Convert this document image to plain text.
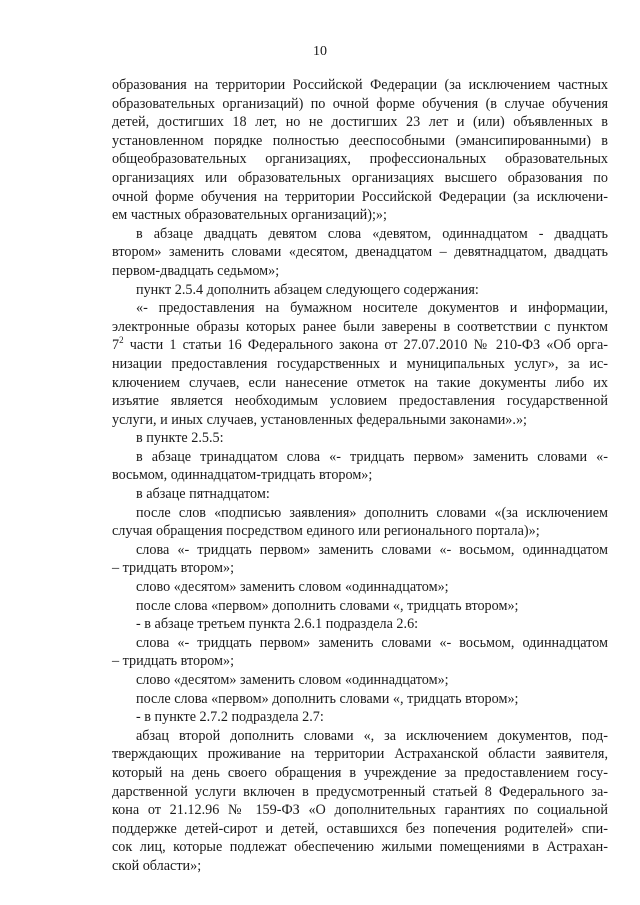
10
образования на территории Российской Федерации (за исключением частных
образовательных организаций) по очной форме обучения (в случае обучения
детей, достигших 18 лет, но не достигших 23 лет и (или) объявленных в
установленном порядке полностью дееспособными (эмансипированными) в
общеобразовательных организациях, профессиональных образовательных
организациях или образовательных организациях высшего образования по
очной форме обучения на территории Российской Федерации (за исключени-
ем частных образовательных организаций);»;
в абзаце двадцать девятом слова «девятом, одиннадцатом - двадцать
втором» заменить словами «десятом, двенадцатом – девятнадцатом, двадцать
первом-двадцать седьмом»;
пункт 2.5.4 дополнить абзацем следующего содержания:
«- предоставления на бумажном носителе документов и информации,
электронные образы которых ранее были заверены в соответствии с пунктом
$7^2$ части 1 статьи 16 Федерального закона от 27.07.2010 № 210-ФЗ «Об орга-
низации предоставления государственных и муниципальных услуг», за ис-
ключением случаев, если нанесение отметок на такие документы либо их
изъятие является необходимым условием предоставления государственной
услуги, и иных случаев, установленных федеральными законами».»;
в пункте 2.5.5:
в абзаце тринадцатом слова «- тридцать первом» заменить словами «-
восьмом, одиннадцатом-тридцать втором»;
в абзаце пятнадцатом:
после слов «подписью заявления» дополнить словами «(за исключением
случая обращения посредством единого или регионального портала)»;
слова «- тридцать первом» заменить словами «- восьмом, одиннадцатом
– тридцать втором»;
слово «десятом» заменить словом «одиннадцатом»;
после слова «первом» дополнить словами «, тридцать втором»;
- в абзаце третьем пункта 2.6.1 подраздела 2.6:
слова «- тридцать первом» заменить словами «- восьмом, одиннадцатом
– тридцать втором»;
слово «десятом» заменить словом «одиннадцатом»;
после слова «первом» дополнить словами «, тридцать втором»;
- в пункте 2.7.2 подраздела 2.7:
абзац второй дополнить словами «, за исключением документов, под-
тверждающих проживание на территории Астраханской области заявителя,
который на день своего обращения в учреждение за предоставлением госу-
дарственной услуги включен в предусмотренный статьей 8 Федерального за-
кона от 21.12.96 № 159-ФЗ «О дополнительных гарантиях по социальной
поддержке детей-сирот и детей, оставшихся без попечения родителей» спи-
сок лиц, которые подлежат обеспечению жилыми помещениями в Астрахан-
ской области»;
